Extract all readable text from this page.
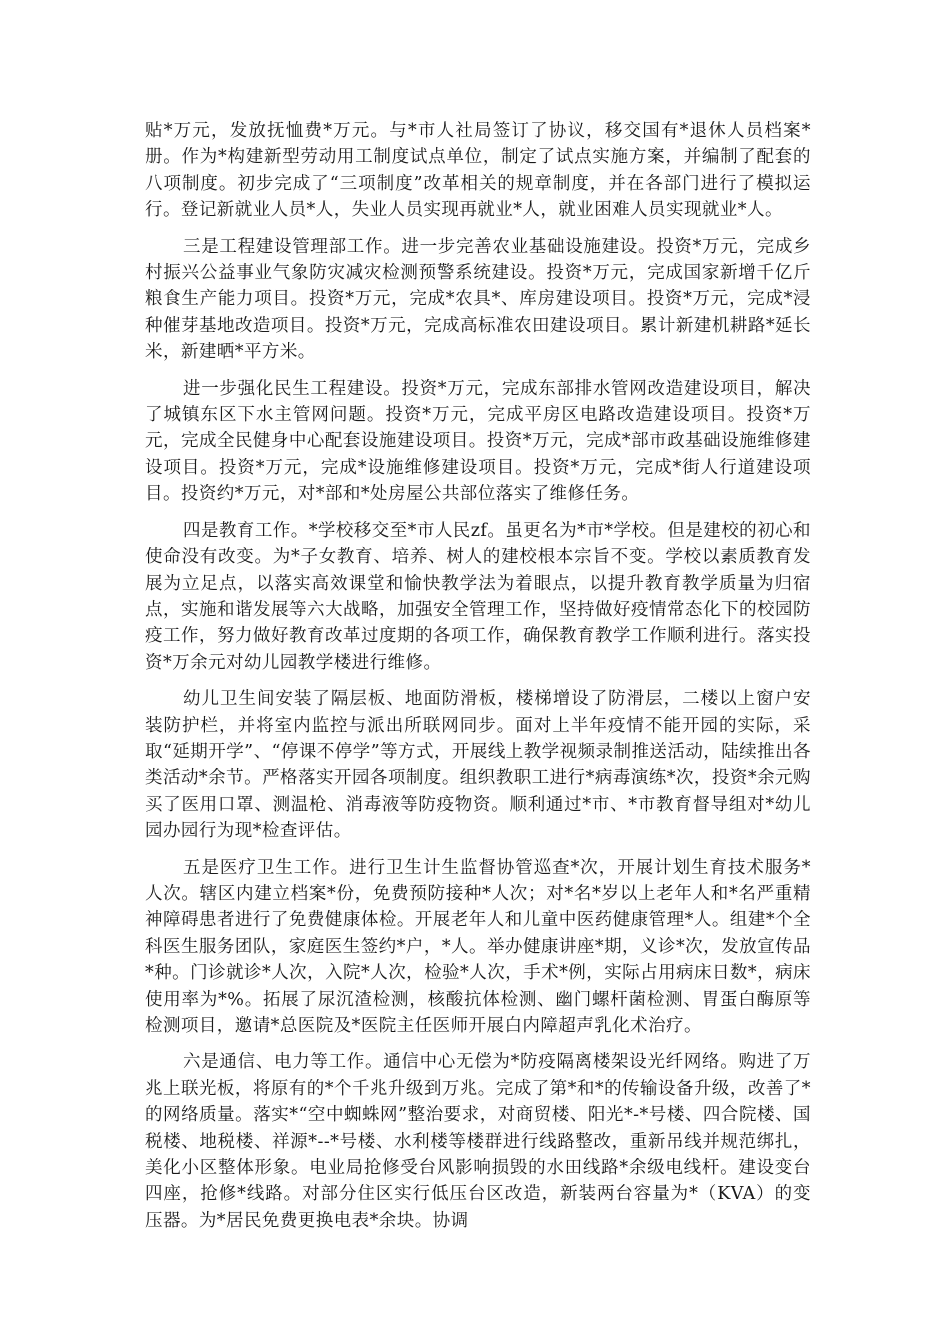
贴*万元，发放抚恤费*万元。与*市人社局签订了协议，移交国有*退休人员档案*册。作为*构建新型劳动用工制度试点单位，制定了试点实施方案，并编制了配套的八项制度。初步完成了“三项制度”改革相关的规章制度，并在各部门进行了模拟运行。登记新就业人员*人，失业人员实现再就业*人，就业困难人员实现就业*人。

三是工程建设管理部工作。进一步完善农业基础设施建设。投资*万元，完成乡村振兴公益事业气象防灾减灾检测预警系统建设。投资*万元，完成国家新增千亿斤粮食生产能力项目。投资*万元，完成*农具*、库房建设项目。投资*万元，完成*浸种催芽基地改造项目。投资*万元，完成高标准农田建设项目。累计新建机耕路*延长米，新建晒*平方米。

进一步强化民生工程建设。投资*万元，完成东部排水管网改造建设项目，解决了城镇东区下水主管网问题。投资*万元，完成平房区电路改造建设项目。投资*万元，完成全民健身中心配套设施建设项目。投资*万元，完成*部市政基础设施维修建设项目。投资*万元，完成*设施维修建设项目。投资*万元，完成*街人行道建设项目。投资约*万元，对*部和*处房屋公共部位落实了维修任务。

四是教育工作。*学校移交至*市人民zf。虽更名为*市*学校。但是建校的初心和使命没有改变。为*子女教育、培养、树人的建校根本宗旨不变。学校以素质教育发展为立足点，以落实高效课堂和愉快教学法为着眼点，以提升教育教学质量为归宿点，实施和谐发展等六大战略，加强安全管理工作，坚持做好疫情常态化下的校园防疫工作，努力做好教育改革过度期的各项工作，确保教育教学工作顺利进行。落实投资*万余元对幼儿园教学楼进行维修。

幼儿卫生间安装了隔层板、地面防滑板，楼梯增设了防滑层，二楼以上窗户安装防护栏，并将室内监控与派出所联网同步。面对上半年疫情不能开园的实际，采取“延期开学”、“停课不停学”等方式，开展线上教学视频录制推送活动，陆续推出各类活动*余节。严格落实开园各项制度。组织教职工进行*病毒演练*次，投资*余元购买了医用口罩、测温枪、消毒液等防疫物资。顺利通过*市、*市教育督导组对*幼儿园办园行为现*检查评估。

五是医疗卫生工作。进行卫生计生监督协管巡查*次，开展计划生育技术服务*人次。辖区内建立档案*份，免费预防接种*人次；对*名*岁以上老年人和*名严重精神障碍患者进行了免费健康体检。开展老年人和儿童中医药健康管理*人。组建*个全科医生服务团队，家庭医生签约*户，*人。举办健康讲座*期，义诊*次，发放宣传品*种。门诊就诊*人次，入院*人次，检验*人次，手术*例，实际占用病床日数*，病床使用率为*%。拓展了尿沉渣检测，核酸抗体检测、幽门螺杆菌检测、胃蛋白酶原等检测项目，邀请*总医院及*医院主任医师开展白内障超声乳化术治疗。

六是通信、电力等工作。通信中心无偿为*防疫隔离楼架设光纤网络。购进了万兆上联光板，将原有的*个千兆升级到万兆。完成了第*和*的传输设备升级，改善了*的网络质量。落实*“空中蜘蛛网”整治要求，对商贸楼、阳光*-*号楼、四合院楼、国税楼、地税楼、祥源*--*号楼、水利楼等楼群进行线路整改，重新吊线并规范绑扎，美化小区整体形象。电业局抢修受台风影响损毁的水田线路*余级电线杆。建设变台四座，抢修*线路。对部分住区实行低压台区改造，新装两台容量为*（KVA）的变压器。为*居民免费更换电表*余块。协调
